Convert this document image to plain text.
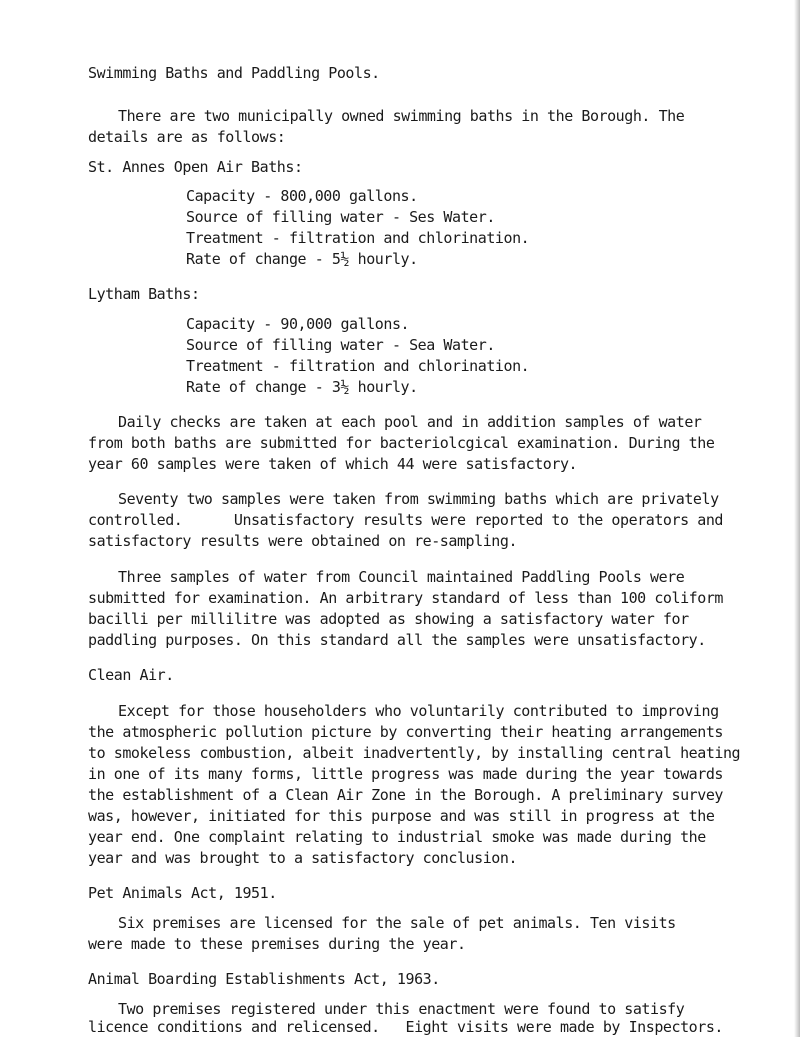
Swimming Baths and Paddling Pools.
There are two municipally owned swimming baths in the Borough. The
details are as follows:
St. Annes Open Air Baths:
Capacity - 800,000 gallons.
Source of filling water - Ses Water.
Treatment - filtration and chlorination.
Rate of change - 5½ hourly.
Lytham Baths:
Capacity - 90,000 gallons.
Source of filling water - Sea Water.
Treatment - filtration and chlorination.
Rate of change - 3½ hourly.
Daily checks are taken at each pool and in addition samples of water
from both baths are submitted for bacteriolcgical examination. During the
year 60 samples were taken of which 44 were satisfactory.
Seventy two samples were taken from swimming baths which are privately
controlled.      Unsatisfactory results were reported to the operators and
satisfactory results were obtained on re-sampling.
Three samples of water from Council maintained Paddling Pools were
submitted for examination. An arbitrary standard of less than 100 coliform
bacilli per millilitre was adopted as showing a satisfactory water for
paddling purposes. On this standard all the samples were unsatisfactory.
Clean Air.
Except for those householders who voluntarily contributed to improving
the atmospheric pollution picture by converting their heating arrangements
to smokeless combustion, albeit inadvertently, by installing central heating
in one of its many forms, little progress was made during the year towards
the establishment of a Clean Air Zone in the Borough. A preliminary survey
was, however, initiated for this purpose and was still in progress at the
year end. One complaint relating to industrial smoke was made during the
year and was brought to a satisfactory conclusion.
Pet Animals Act, 1951.
Six premises are licensed for the sale of pet animals. Ten visits
were made to these premises during the year.
Animal Boarding Establishments Act, 1963.
Two premises registered under this enactment were found to satisfy
licence conditions and relicensed.   Eight visits were made by Inspectors.
